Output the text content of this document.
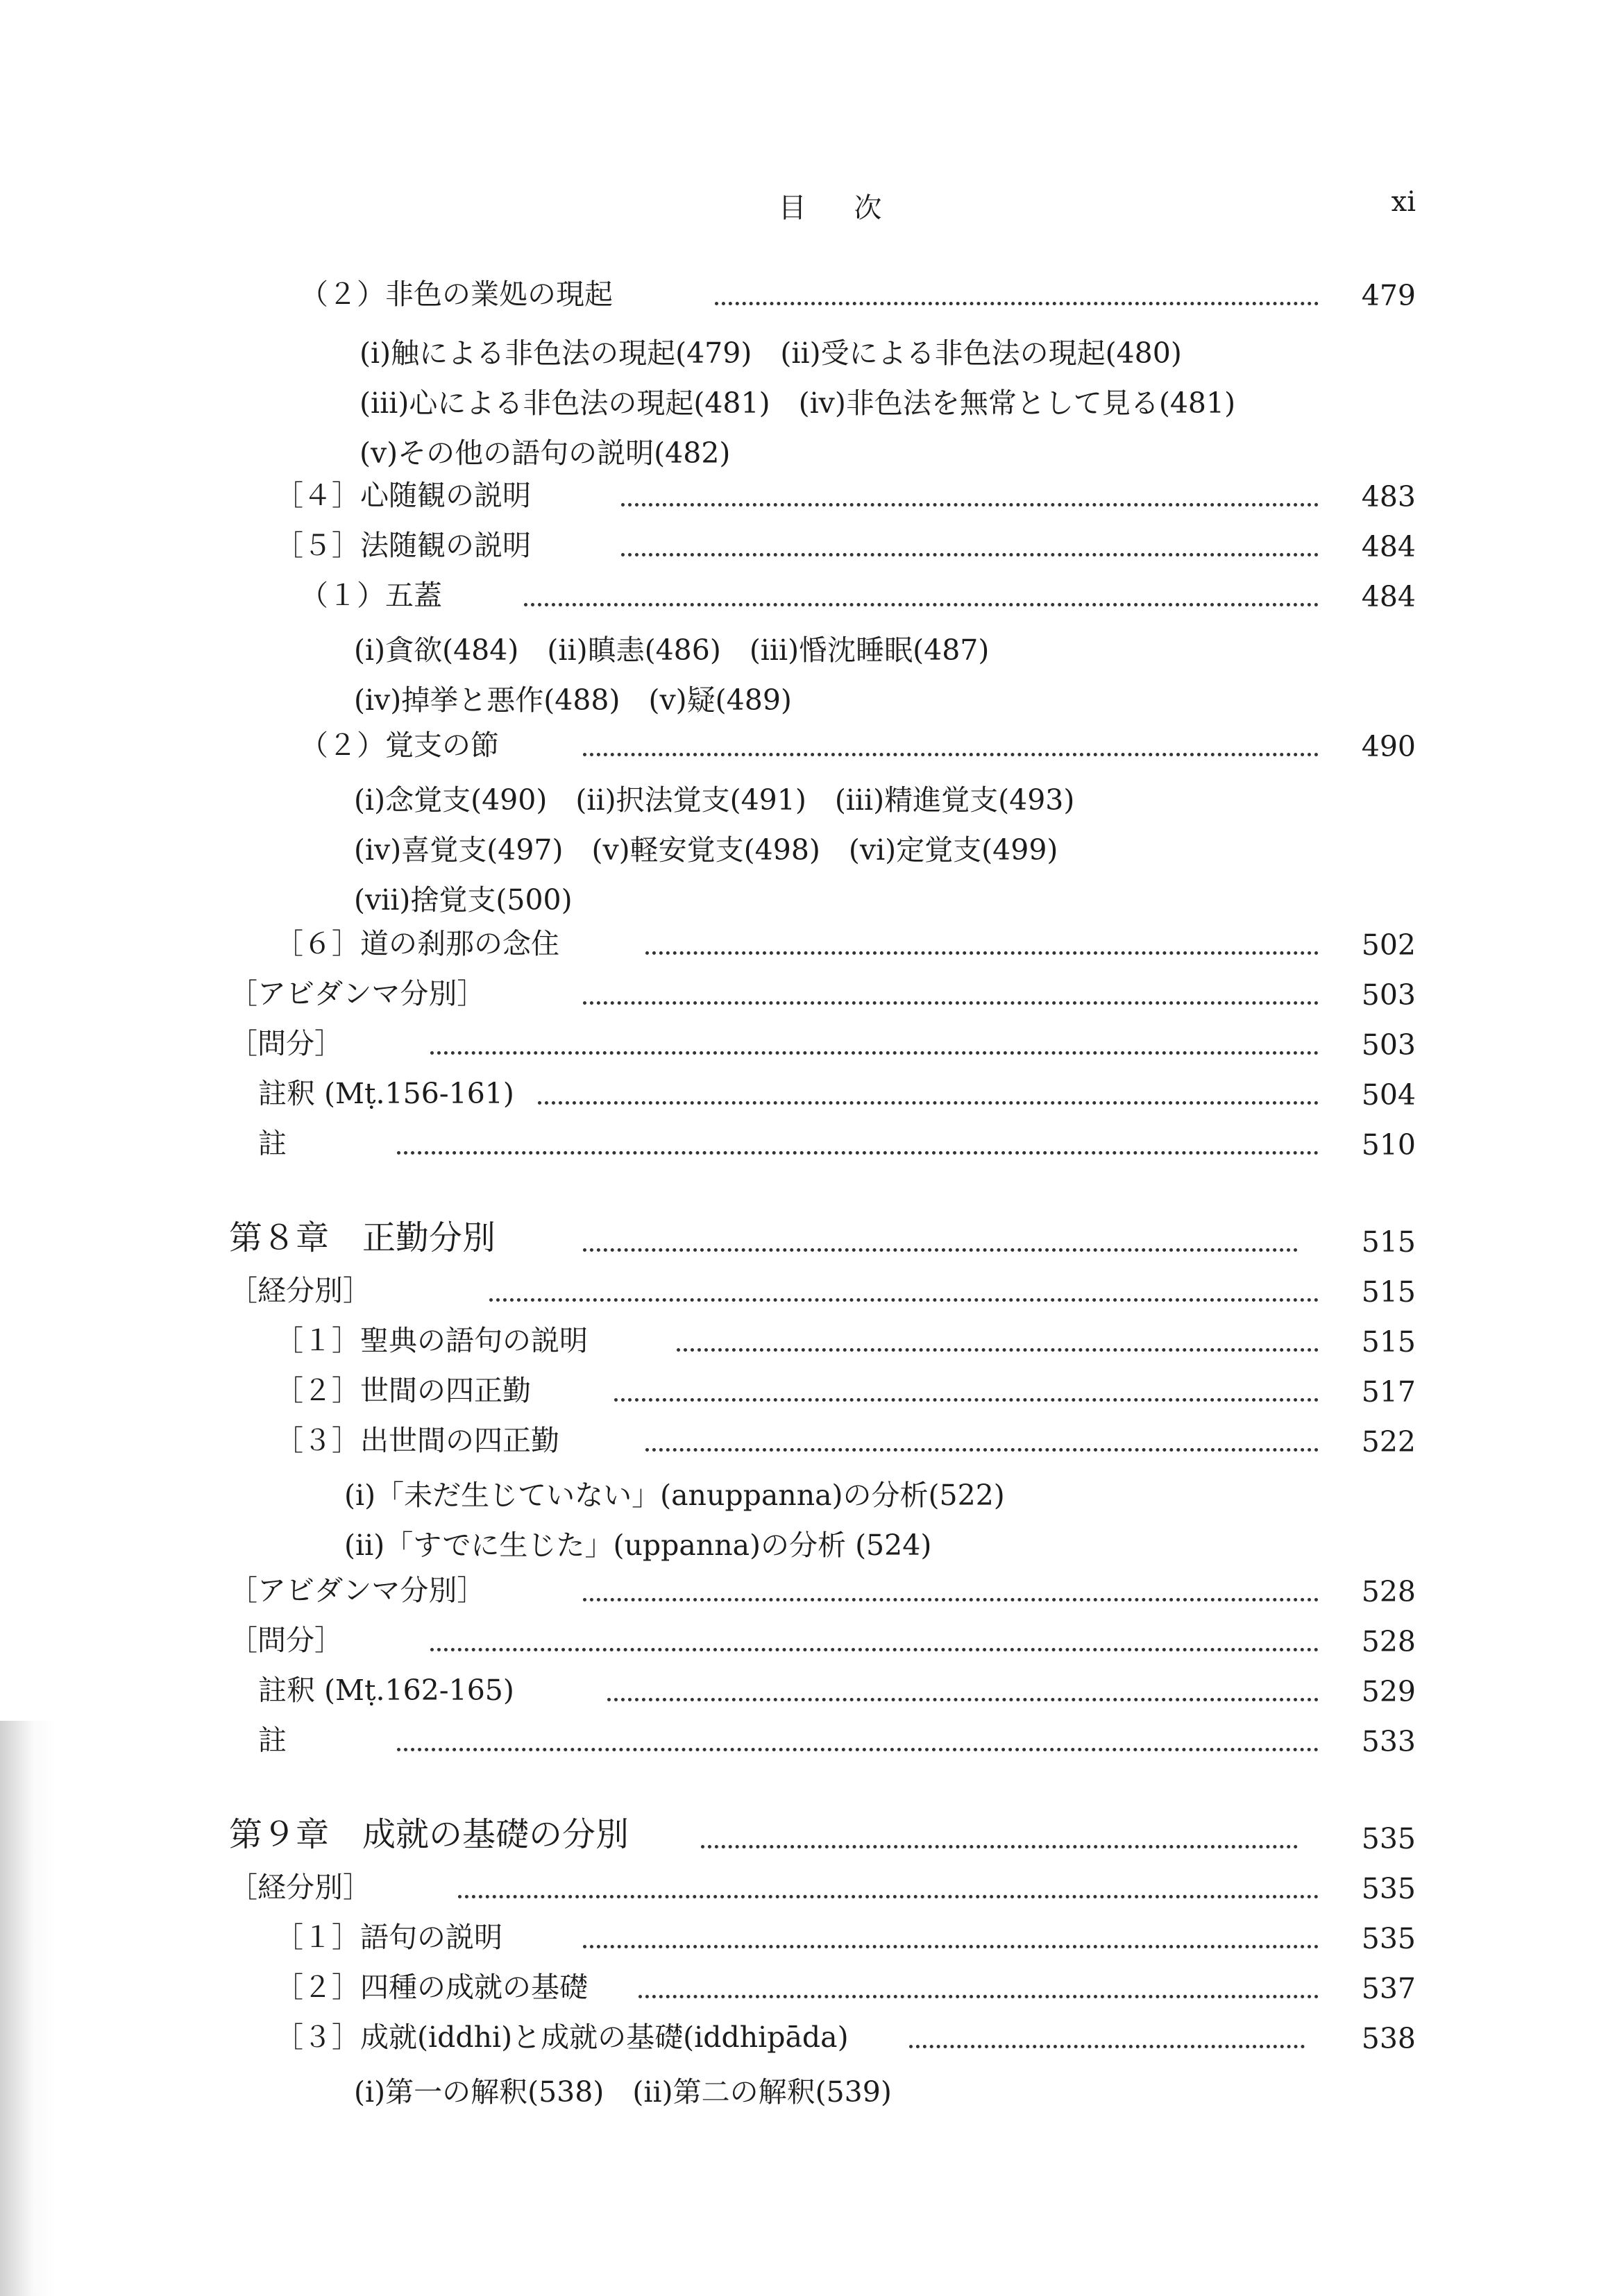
目 次	xi
（２）非色の業処の現起	479
(i)触による非色法の現起(479)　(ii)受による非色法の現起(480)
(iii)心による非色法の現起(481)　(iv)非色法を無常として見る(481)
(v)その他の語句の説明(482)
［４］心随観の説明	483
［５］法随観の説明	484
（１）五蓋	484
(i)貪欲(484)　(ii)瞋恚(486)　(iii)惛沈睡眠(487)
(iv)掉挙と悪作(488)　(v)疑(489)
（２）覚支の節	490
(i)念覚支(490)　(ii)択法覚支(491)　(iii)精進覚支(493)
(iv)喜覚支(497)　(v)軽安覚支(498)　(vi)定覚支(499)
(vii)捨覚支(500)
［６］道の刹那の念住	502
［アビダンマ分別］	503
［問分］	503
註釈 (Mṭ.156-161)	504
註	510
第８章　正勤分別	515
［経分別］	515
［１］聖典の語句の説明	515
［２］世間の四正勤	517
［３］出世間の四正勤	522
(i)「未だ生じていない」(anuppanna)の分析(522)
(ii)「すでに生じた」(uppanna)の分析 (524)
［アビダンマ分別］	528
［問分］	528
註釈 (Mṭ.162-165)	529
註	533
第９章　成就の基礎の分別	535
［経分別］	535
［１］語句の説明	535
［２］四種の成就の基礎	537
［３］成就(iddhi)と成就の基礎(iddhipāda)	538
(i)第一の解釈(538)　(ii)第二の解釈(539)
